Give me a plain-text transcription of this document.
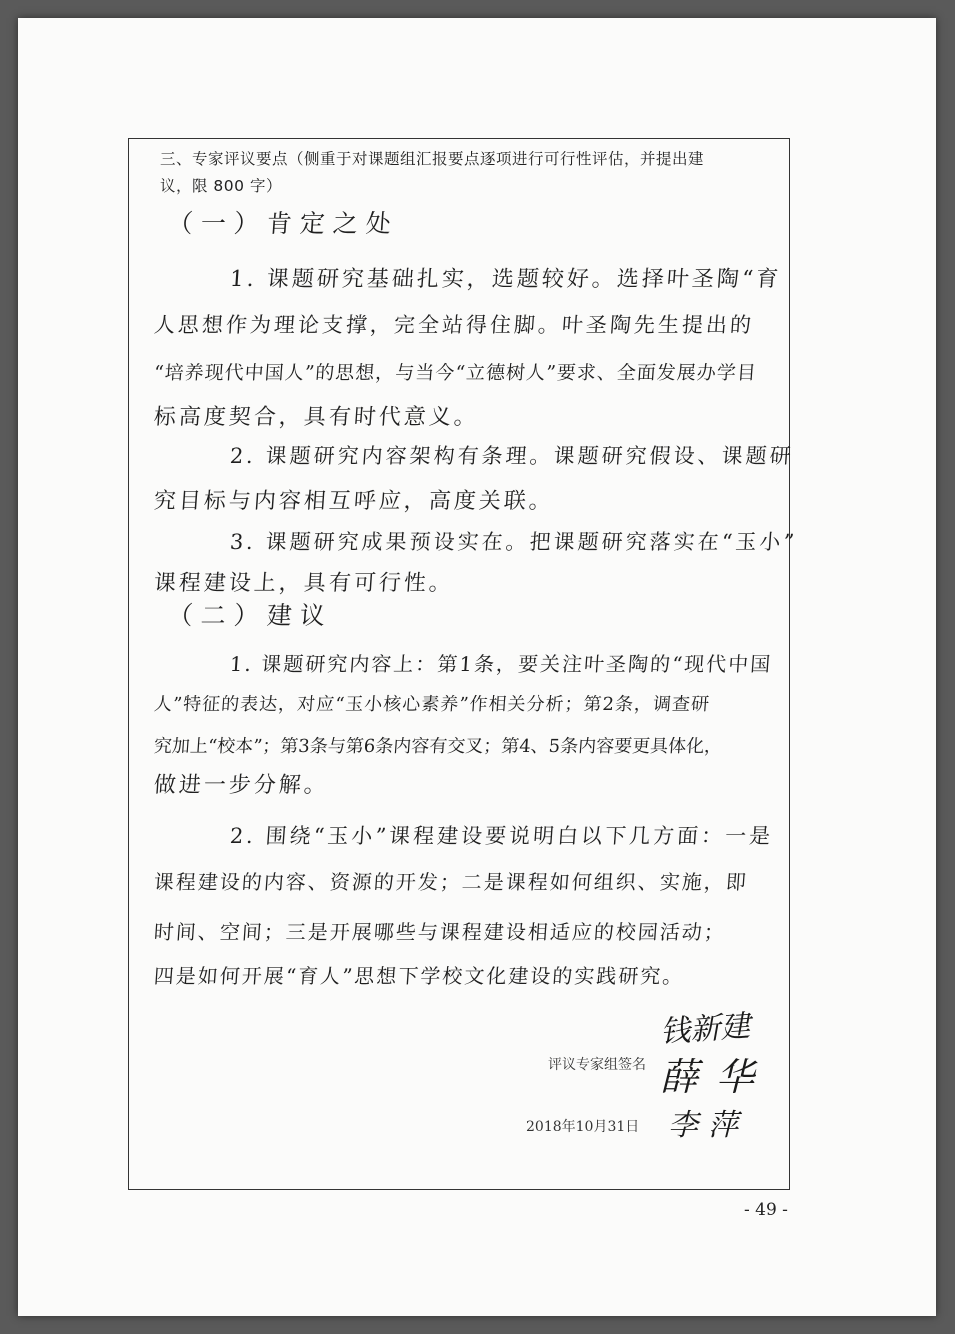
三、专家评议要点（侧重于对课题组汇报要点逐项进行可行性评估，并提出建
议，限 800 字）
（一）肯定之处
1. 课题研究基础扎实，选题较好。选择叶圣陶“育
人思想作为理论支撑，完全站得住脚。叶圣陶先生提出的
“培养现代中国人”的思想，与当今“立德树人”要求、全面发展办学目
标高度契合，具有时代意义。
2. 课题研究内容架构有条理。课题研究假设、课题研
究目标与内容相互呼应，高度关联。
3. 课题研究成果预设实在。把课题研究落实在“玉小”
课程建设上，具有可行性。
（二）建议
1. 课题研究内容上：第1条，要关注叶圣陶的“现代中国
人”特征的表达，对应“玉小核心素养”作相关分析；第2条，调查研
究加上“校本”；第3条与第6条内容有交叉；第4、5条内容要更具体化，
做进一步分解。
2. 围绕“玉小”课程建设要说明白以下几方面：一是
课程建设的内容、资源的开发；二是课程如何组织、实施，即
时间、空间；三是开展哪些与课程建设相适应的校园活动；
四是如何开展“育人”思想下学校文化建设的实践研究。
钱新建
薛华
李萍
评议专家组签名
2018年10月31日
- 49 -
